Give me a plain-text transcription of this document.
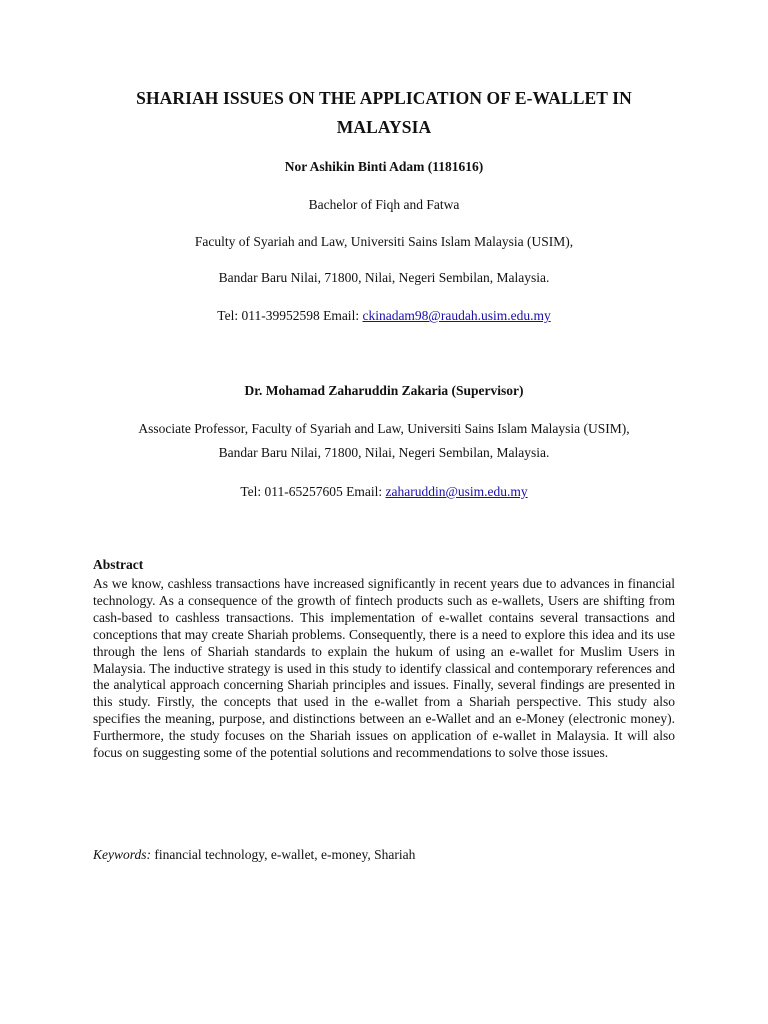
SHARIAH ISSUES ON THE APPLICATION OF E-WALLET IN
MALAYSIA
Nor Ashikin Binti Adam (1181616)
Bachelor of Fiqh and Fatwa
Faculty of Syariah and Law, Universiti Sains Islam Malaysia (USIM),
Bandar Baru Nilai, 71800, Nilai, Negeri Sembilan, Malaysia.
Tel: 011-39952598 Email: ckinadam98@raudah.usim.edu.my
Dr. Mohamad Zaharuddin Zakaria (Supervisor)
Associate Professor, Faculty of Syariah and Law, Universiti Sains Islam Malaysia (USIM),
Bandar Baru Nilai, 71800, Nilai, Negeri Sembilan, Malaysia.
Tel: 011-65257605 Email: zaharuddin@usim.edu.my
Abstract
As we know, cashless transactions have increased significantly in recent years due to advances in financial technology. As a consequence of the growth of fintech products such as e-wallets, Users are shifting from cash-based to cashless transactions. This implementation of e-wallet contains several transactions and conceptions that may create Shariah problems. Consequently, there is a need to explore this idea and its use through the lens of Shariah standards to explain the hukum of using an e-wallet for Muslim Users in Malaysia. The inductive strategy is used in this study to identify classical and contemporary references and the analytical approach concerning Shariah principles and issues. Finally, several findings are presented in this study. Firstly, the concepts that used in the e-wallet from a Shariah perspective. This study also specifies the meaning, purpose, and distinctions between an e-Wallet and an e-Money (electronic money). Furthermore, the study focuses on the Shariah issues on application of e-wallet in Malaysia. It will also focus on suggesting some of the potential solutions and recommendations to solve those issues.
Keywords: financial technology, e-wallet, e-money, Shariah
